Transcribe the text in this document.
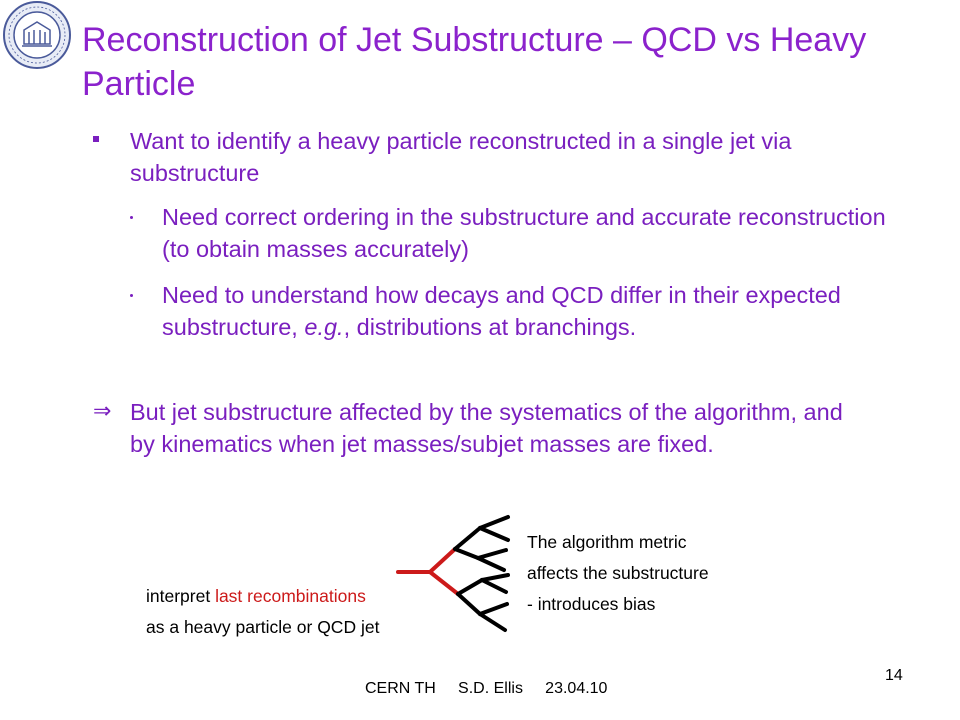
Reconstruction of Jet Substructure – QCD vs Heavy Particle
Want to identify a heavy particle reconstructed in a single jet via substructure
Need correct ordering in the substructure and accurate reconstruction (to obtain masses accurately)
Need to understand how decays and QCD differ in their expected substructure, e.g., distributions at branchings.
⇒ But jet substructure affected by the systematics of the algorithm, and by kinematics when jet masses/subjet masses are fixed.
interpret last recombinations
as a heavy particle or QCD jet
The algorithm metric
affects the substructure
- introduces bias
CERN TH     S.D. Ellis     23.04.10
14
